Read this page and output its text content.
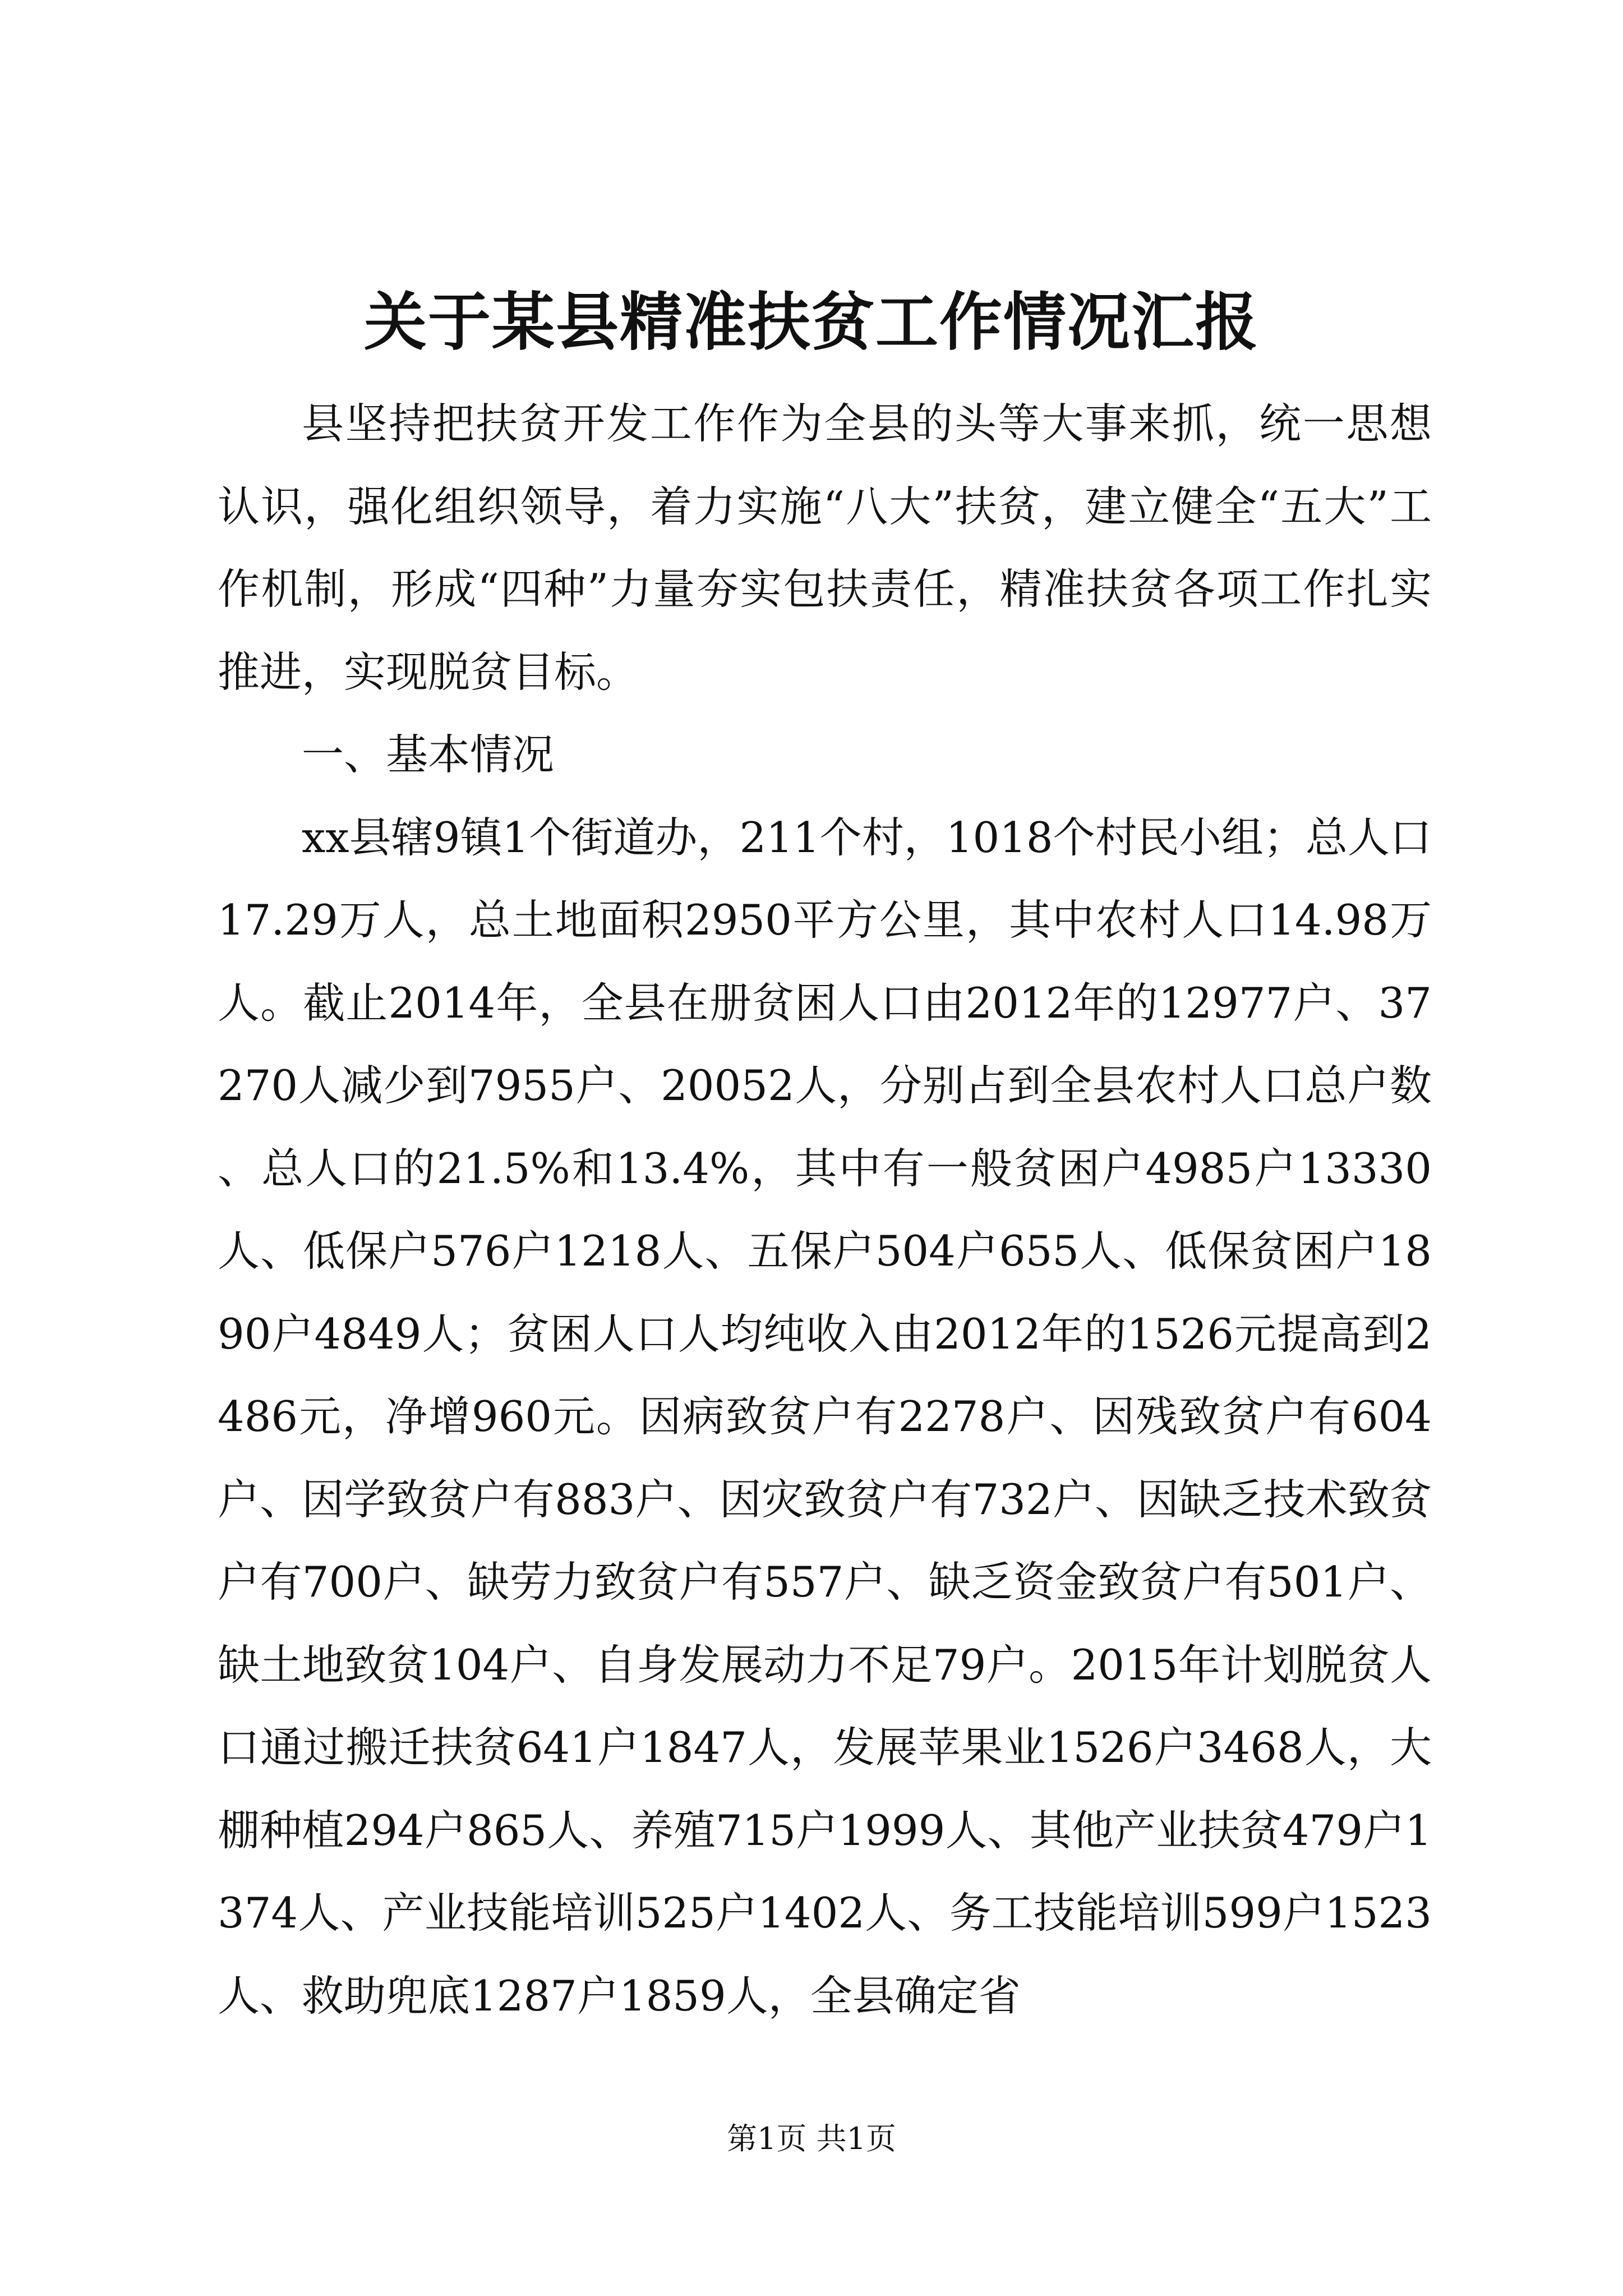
关于某县精准扶贫工作情况汇报

县坚持把扶贫开发工作作为全县的头等大事来抓，统一思想认识，强化组织领导，着力实施“八大”扶贫，建立健全“五大”工作机制，形成“四种”力量夯实包扶责任，精准扶贫各项工作扎实推进，实现脱贫目标。

一、基本情况

xx县辖9镇1个街道办，211个村，1018个村民小组；总人口17.29万人，总土地面积2950平方公里，其中农村人口14.98万人。截止2014年，全县在册贫困人口由2012年的12977户、37270人减少到7955户、20052人，分别占到全县农村人口总户数、总人口的21.5%和13.4%，其中有一般贫困户4985户13330人、低保户576户1218人、五保户504户655人、低保贫困户1890户4849人；贫困人口人均纯收入由2012年的1526元提高到2486元，净增960元。因病致贫户有2278户、因残致贫户有604户、因学致贫户有883户、因灾致贫户有732户、因缺乏技术致贫户有700户、缺劳力致贫户有557户、缺乏资金致贫户有501户、缺土地致贫104户、自身发展动力不足79户。2015年计划脱贫人口通过搬迁扶贫641户1847人，发展苹果业1526户3468人，大棚种植294户865人、养殖715户1999人、其他产业扶贫479户1374人、产业技能培训525户1402人、务工技能培训599户1523人、救助兜底1287户1859人，全县确定省

第1页 共1页
